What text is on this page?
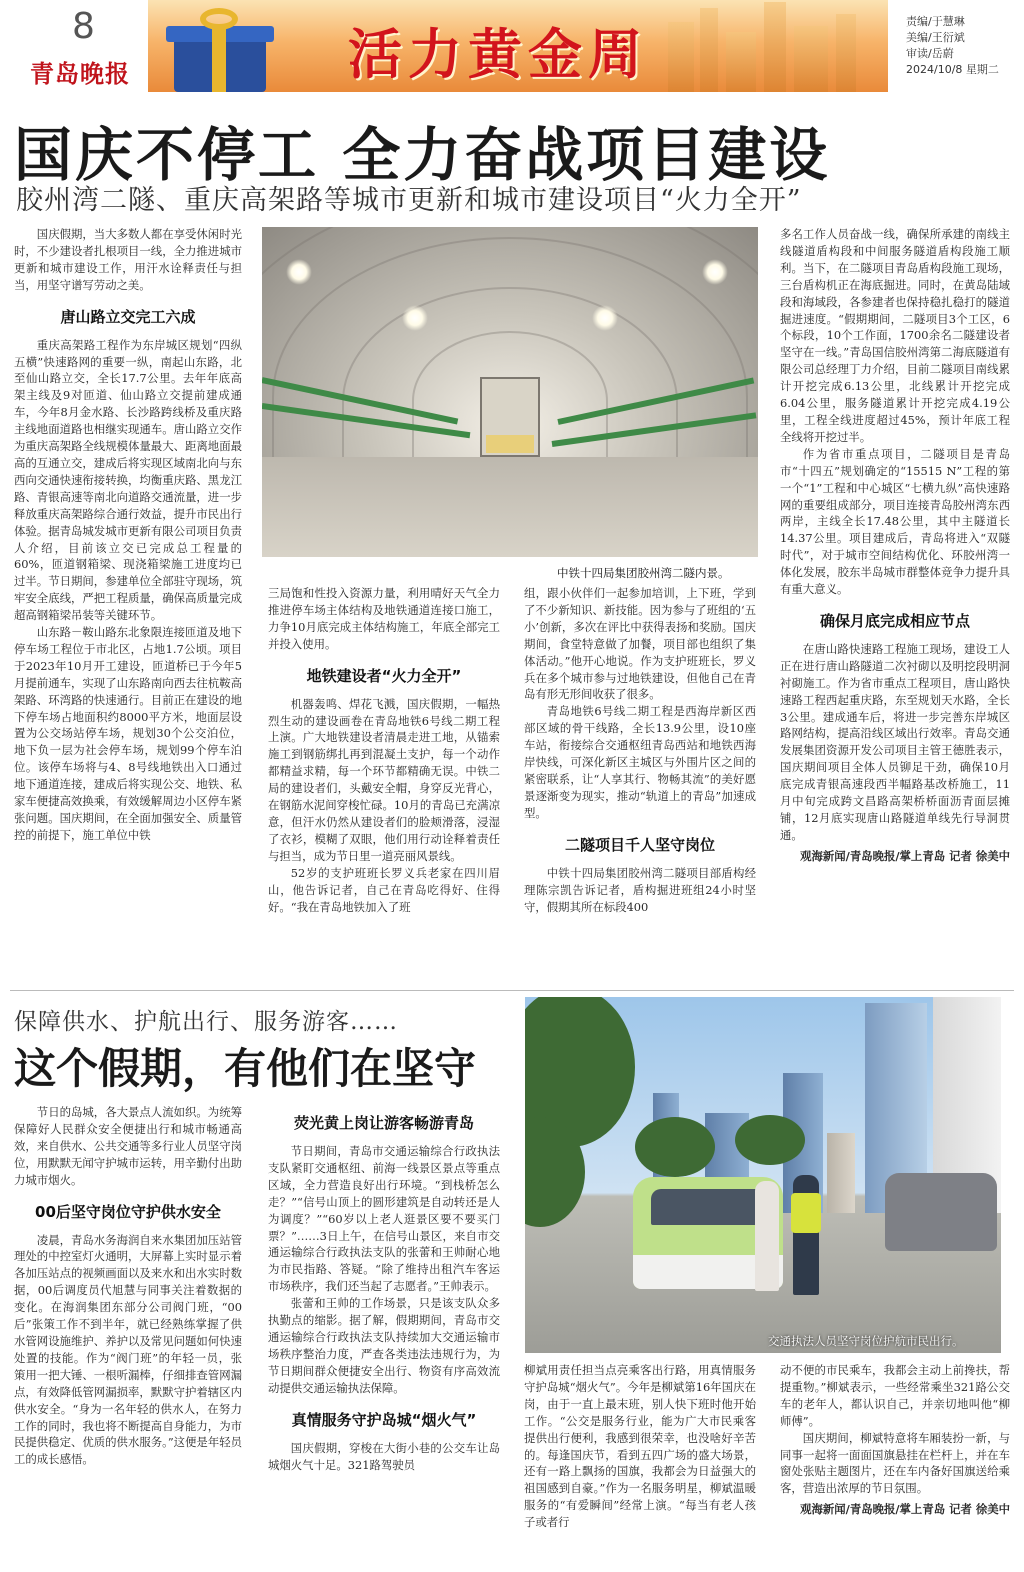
8
青岛晚报	活力黄金周
责编/于慧琳
美编/王衍斌
审读/岳蔚
2024/10/8 星期二
国庆不停工 全力奋战项目建设
胶州湾二隧、重庆高架路等城市更新和城市建设项目“火力全开”

国庆假期，当大多数人都在享受休闲时光时，不少建设者扎根项目一线，全力推进城市更新和城市建设工作，用汗水诠释责任与担当，用坚守谱写劳动之美。

唐山路立交完工六成

重庆高架路工程作为东岸城区规划“四纵五横”快速路网的重要一纵，南起山东路，北至仙山路立交，全长17.7公里。去年年底高架主线及9对匝道、仙山路立交提前建成通车，今年8月金水路、长沙路跨线桥及重庆路主线地面道路也相继实现通车。唐山路立交作为重庆高架路全线规模体量最大、距离地面最高的互通立交，建成后将实现区域南北向与东西向交通快速衔接转换，均衡重庆路、黑龙江路、青银高速等南北向道路交通流量，进一步释放重庆高架路综合通行效益，提升市民出行体验。据青岛城发城市更新有限公司项目负责人介绍，目前该立交已完成总工程量的60%，匝道钢箱梁、现浇箱梁施工进度均已过半。节日期间，参建单位全部驻守现场，筑牢安全底线，严把工程质量，确保高质量完成超高钢箱梁吊装等关键环节。

山东路－鞍山路东北象限连接匝道及地下停车场工程位于市北区，占地1.7公顷。项目于2023年10月开工建设，匝道桥已于今年5月提前通车，实现了山东路南向西去往杭鞍高架路、环湾路的快速通行。目前正在建设的地下停车场占地面积约8000平方米，地面层设置为公交场站停车场，规划30个公交泊位，地下负一层为社会停车场，规划99个停车泊位。该停车场将与4、8号线地铁出入口通过地下通道连接，建成后将实现公交、地铁、私家车便捷高效换乘，有效缓解周边小区停车紧张问题。国庆期间，在全面加强安全、质量管控的前提下，施工单位中铁

中铁十四局集团胶州湾二隧内景。

三局饱和性投入资源力量，利用晴好天气全力推进停车场主体结构及地铁通道连接口施工，力争10月底完成主体结构施工，年底全部完工并投入使用。

地铁建设者“火力全开”

机器轰鸣、焊花飞溅，国庆假期，一幅热烈生动的建设画卷在青岛地铁6号线二期工程上演。广大地铁建设者清晨走进工地，从锚索施工到钢筋绑扎再到混凝土支护，每一个动作都精益求精，每一个环节都精确无误。中铁二局的建设者们，头戴安全帽，身穿反光背心，在钢筋水泥间穿梭忙碌。10月的青岛已充满凉意，但汗水仍然从建设者们的脸颊滑落，浸湿了衣衫，模糊了双眼，他们用行动诠释着责任与担当，成为节日里一道亮丽风景线。

52岁的支护班班长罗义兵老家在四川眉山，他告诉记者，自己在青岛吃得好、住得好。“我在青岛地铁加入了班

组，跟小伙伴们一起参加培训，上下班，学到了不少新知识、新技能。因为参与了班组的‘五小’创新，多次在评比中获得表扬和奖励。国庆期间，食堂特意做了加餐，项目部也组织了集体活动。”他开心地说。作为支护班班长，罗义兵在多个城市参与过地铁建设，但他自己在青岛有形无形间收获了很多。

青岛地铁6号线二期工程是西海岸新区西部区域的骨干线路，全长13.9公里，设10座车站，衔接综合交通枢纽青岛西站和地铁西海岸快线，可深化新区主城区与外围片区之间的紧密联系，让“人享其行、物畅其流”的美好愿景逐渐变为现实，推动“轨道上的青岛”加速成型。

二隧项目千人坚守岗位

中铁十四局集团胶州湾二隧项目部盾构经理陈宗凯告诉记者，盾构掘进班组24小时坚守，假期其所在标段400

多名工作人员奋战一线，确保所承建的南线主线隧道盾构段和中间服务隧道盾构段施工顺利。当下，在二隧项目青岛盾构段施工现场，三台盾构机正在海底掘进。同时，在黄岛陆域段和海域段，各参建者也保持稳扎稳打的隧道掘进速度。“假期期间，二隧项目3个工区，6个标段，10个工作面，1700余名二隧建设者坚守在一线。”青岛国信胶州湾第二海底隧道有限公司总经理丁力介绍，目前二隧项目南线累计开挖完成6.13公里，北线累计开挖完成6.04公里，服务隧道累计开挖完成4.19公里，工程全线进度超过45%，预计年底工程全线将开挖过半。

作为省市重点项目，二隧项目是青岛市“十四五”规划确定的“15515 N”工程的第一个“1”工程和中心城区“七横九纵”高快速路网的重要组成部分，项目连接青岛胶州湾东西两岸，主线全长17.48公里，其中主隧道长14.37公里。项目建成后，青岛将进入“双隧时代”，对于城市空间结构优化、环胶州湾一体化发展，胶东半岛城市群整体竞争力提升具有重大意义。

确保月底完成相应节点

在唐山路快速路工程施工现场，建设工人正在进行唐山路隧道二次衬砌以及明挖段明洞衬砌施工。作为省市重点工程项目，唐山路快速路工程西起重庆路，东至规划天水路，全长3公里。建成通车后，将进一步完善东岸城区路网结构，提高沿线区域出行效率。青岛交通发展集团资源开发公司项目主管王德胜表示，国庆期间项目全体人员铆足干劲，确保10月底完成青银高速段西半幅路基改桥施工，11月中旬完成跨文昌路高架桥桥面沥青面层摊铺，12月底实现唐山路隧道单线先行导洞贯通。

观海新闻/青岛晚报/掌上青岛 记者 徐美中

保障供水、护航出行、服务游客……
这个假期，有他们在坚守
交通执法人员坚守岗位护航市民出行。

节日的岛城，各大景点人流如织。为统筹保障好人民群众安全便捷出行和城市畅通高效，来自供水、公共交通等多行业人员坚守岗位，用默默无闻守护城市运转，用辛勤付出助力城市烟火。

00后坚守岗位守护供水安全

凌晨，青岛水务海润自来水集团加压站管理处的中控室灯火通明，大屏幕上实时显示着各加压站点的视频画面以及来水和出水实时数据，00后调度员代旭慧与同事关注着数据的变化。在海润集团东部分公司阀门班，“00后”张策工作不到半年，就已经熟练掌握了供水管网设施维护、养护以及常见问题如何快速处置的技能。作为“阀门班”的年轻一员，张策用一把大锤、一根听漏棒，仔细排查管网漏点，有效降低管网漏损率，默默守护着辖区内供水安全。“身为一名年轻的供水人，在努力工作的同时，我也将不断提高自身能力，为市民提供稳定、优质的供水服务。”这便是年轻员工的成长感悟。

荧光黄上岗让游客畅游青岛

节日期间，青岛市交通运输综合行政执法支队紧盯交通枢纽、前海一线景区景点等重点区域，全力营造良好出行环境。“到栈桥怎么走？”“信号山顶上的圆形建筑是自动转还是人为调度？”“60岁以上老人逛景区要不要买门票？”……3日上午，在信号山景区，来自市交通运输综合行政执法支队的张蕾和王帅耐心地为市民指路、答疑。“除了维持出租汽车客运市场秩序，我们还当起了志愿者。”王帅表示。

张蕾和王帅的工作场景，只是该支队众多执勤点的缩影。据了解，假期期间，青岛市交通运输综合行政执法支队持续加大交通运输市场秩序整治力度，严查各类违法违规行为，为节日期间群众便捷安全出行、物资有序高效流动提供交通运输执法保障。

真情服务守护岛城“烟火气”

国庆假期，穿梭在大街小巷的公交车让岛城烟火气十足。321路驾驶员

柳斌用责任担当点亮乘客出行路，用真情服务守护岛城“烟火气”。今年是柳斌第16年国庆在岗，由于一直上最末班，别人快下班时他开始工作。“公交是服务行业，能为广大市民乘客提供出行便利，我感到很荣幸，也没啥好辛苦的。每逢国庆节，看到五四广场的盛大场景，还有一路上飘扬的国旗，我都会为日益强大的祖国感到自豪。”作为一名服务明星，柳斌温暖服务的“有爱瞬间”经常上演。“每当有老人孩子或者行

动不便的市民乘车，我都会主动上前搀扶，帮提重物。”柳斌表示，一些经常乘坐321路公交车的老年人，都认识自己，并亲切地叫他“柳师傅”。

国庆期间，柳斌特意将车厢装扮一新，与同事一起将一面面国旗悬挂在栏杆上，并在车窗处张贴主题图片，还在车内备好国旗送给乘客，营造出浓厚的节日氛围。

观海新闻/青岛晚报/掌上青岛 记者 徐美中
